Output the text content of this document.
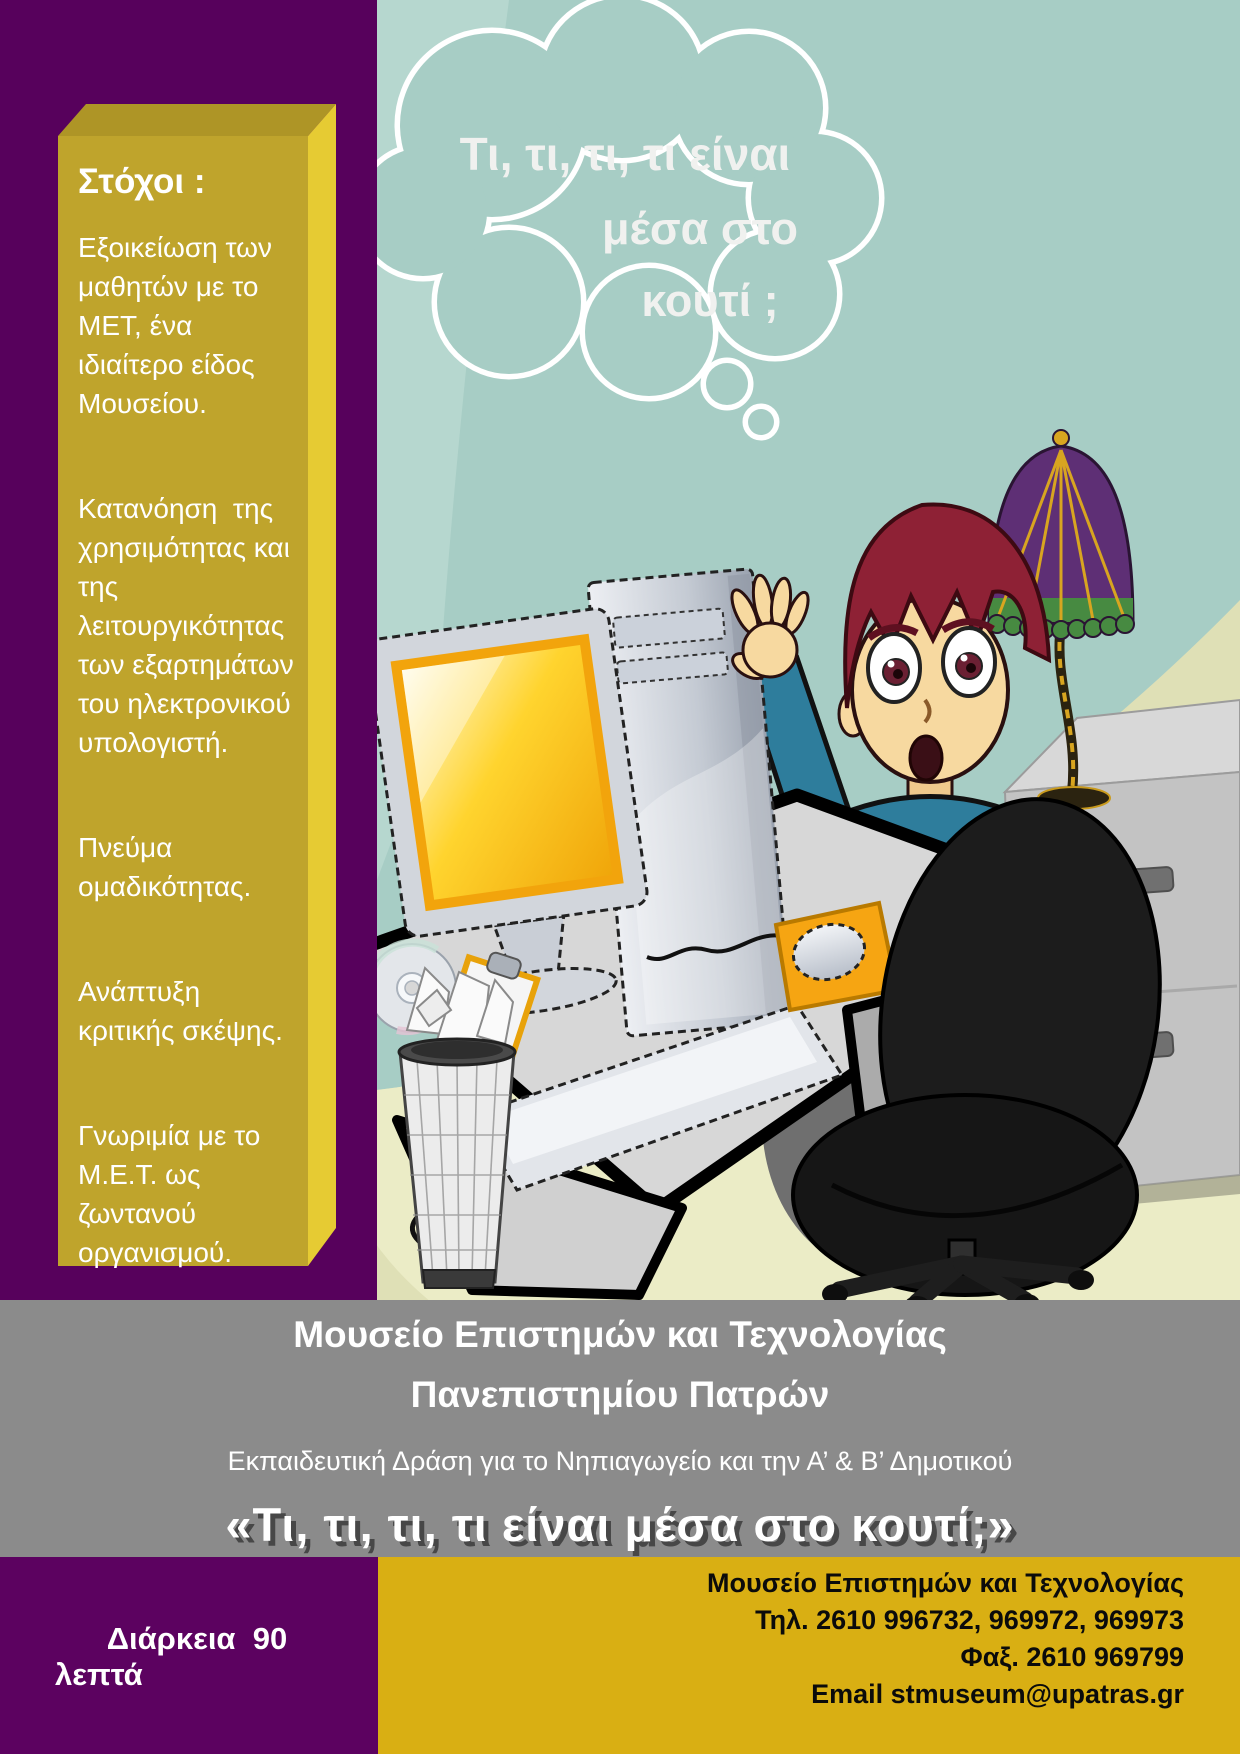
Στόχοι :

Εξοικείωση των μαθητών με το ΜΕΤ, ένα ιδιαίτερο είδος Μουσείου.

Κατανόηση  της χρησιμότητας και της λειτουργικότητας των εξαρτημάτων του ηλεκτρονικού υπολογιστή.

Πνεύμα ομαδικότητας.

Ανάπτυξη κριτικής σκέψης.

Γνωριμία με το Μ.Ε.Τ. ως ζωντανού οργανισμού.

Τι, τι, τι, τι είναι
μέσα στο
κουτί ;
Μουσείο Επιστημών και Τεχνολογίας
Πανεπιστημίου Πατρών
Εκπαιδευτική Δράση για το Νηπιαγωγείο και την Α’ & Β’ Δημοτικού
«Τι, τι, τι, τι είναι μέσα στο κουτί;»

Διάρκεια  90 λεπτά

Μουσείο Επιστημών και Τεχνολογίας
Τηλ. 2610 996732, 969972, 969973
Φαξ. 2610 969799
Email stmuseum@upatras.gr
